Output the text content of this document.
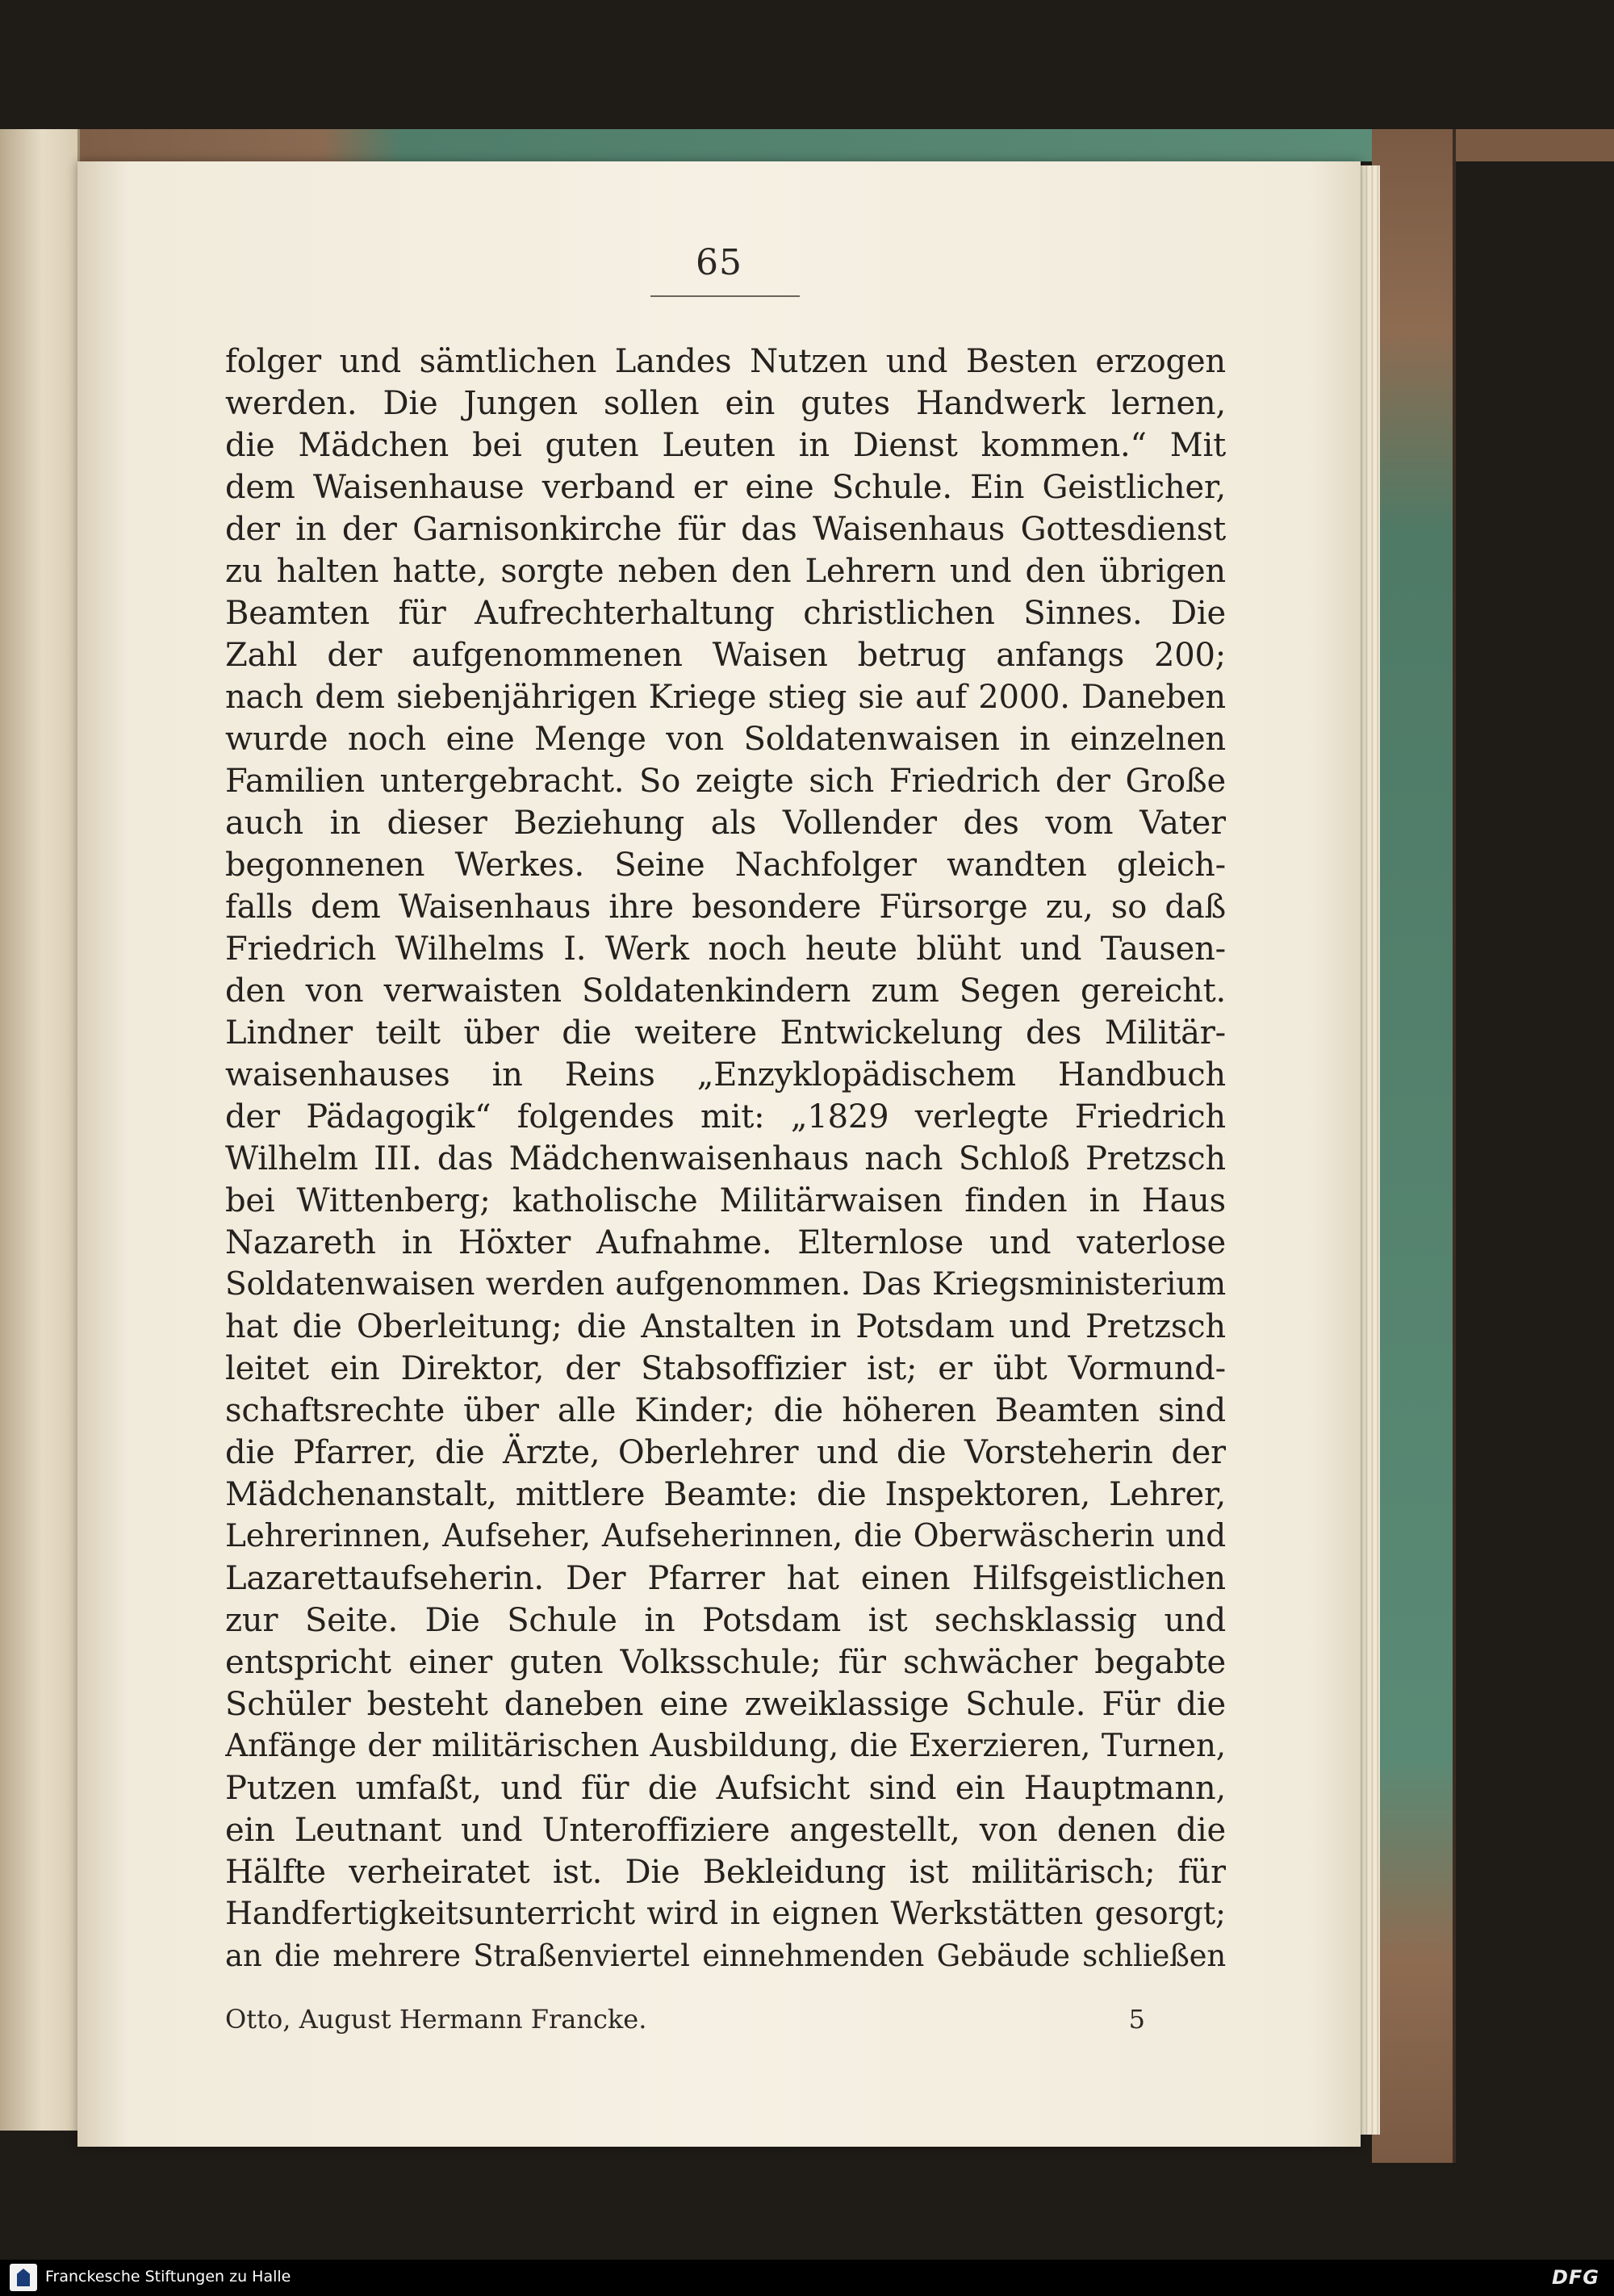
65
folger und sämtlichen Landes Nutzen und Besten erzogen
werden. Die Jungen sollen ein gutes Handwerk lernen,
die Mädchen bei guten Leuten in Dienst kommen.“ Mit
dem Waisenhause verband er eine Schule. Ein Geistlicher,
der in der Garnisonkirche für das Waisenhaus Gottesdienst
zu halten hatte, sorgte neben den Lehrern und den übrigen
Beamten für Aufrechterhaltung christlichen Sinnes. Die
Zahl der aufgenommenen Waisen betrug anfangs 200;
nach dem siebenjährigen Kriege stieg sie auf 2000. Daneben
wurde noch eine Menge von Soldatenwaisen in einzelnen
Familien untergebracht. So zeigte sich Friedrich der Große
auch in dieser Beziehung als Vollender des vom Vater
begonnenen Werkes. Seine Nachfolger wandten gleich-
falls dem Waisenhaus ihre besondere Fürsorge zu, so daß
Friedrich Wilhelms I. Werk noch heute blüht und Tausen-
den von verwaisten Soldatenkindern zum Segen gereicht.
Lindner teilt über die weitere Entwickelung des Militär-
waisenhauses in Reins „Enzyklopädischem Handbuch
der Pädagogik“ folgendes mit: „1829 verlegte Friedrich
Wilhelm III. das Mädchenwaisenhaus nach Schloß Pretzsch
bei Wittenberg; katholische Militärwaisen finden in Haus
Nazareth in Höxter Aufnahme. Elternlose und vaterlose
Soldatenwaisen werden aufgenommen. Das Kriegsministerium
hat die Oberleitung; die Anstalten in Potsdam und Pretzsch
leitet ein Direktor, der Stabsoffizier ist; er übt Vormund-
schaftsrechte über alle Kinder; die höheren Beamten sind
die Pfarrer, die Ärzte, Oberlehrer und die Vorsteherin der
Mädchenanstalt, mittlere Beamte: die Inspektoren, Lehrer,
Lehrerinnen, Aufseher, Aufseherinnen, die Oberwäscherin und
Lazarettaufseherin. Der Pfarrer hat einen Hilfsgeistlichen
zur Seite. Die Schule in Potsdam ist sechsklassig und
entspricht einer guten Volksschule; für schwächer begabte
Schüler besteht daneben eine zweiklassige Schule. Für die
Anfänge der militärischen Ausbildung, die Exerzieren, Turnen,
Putzen umfaßt, und für die Aufsicht sind ein Hauptmann,
ein Leutnant und Unteroffiziere angestellt, von denen die
Hälfte verheiratet ist. Die Bekleidung ist militärisch; für
Handfertigkeitsunterricht wird in eignen Werkstätten gesorgt;
an die mehrere Straßenviertel einnehmenden Gebäude schließen
Otto, August Hermann Francke.	5
Franckesche Stiftungen zu Halle	DFG
